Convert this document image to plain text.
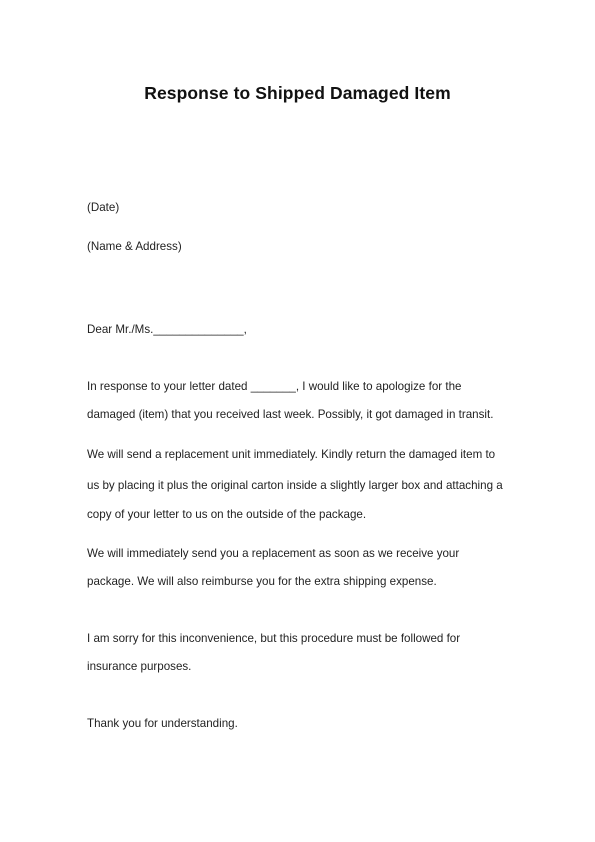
Response to Shipped Damaged Item
(Date)
(Name & Address)
Dear Mr./Ms.______________,
In response to your letter dated _______, I would like to apologize for the
damaged (item) that you received last week. Possibly, it got damaged in transit.
We will send a replacement unit immediately. Kindly return the damaged item to
us by placing it plus the original carton inside a slightly larger box and attaching a
copy of your letter to us on the outside of the package.
We will immediately send you a replacement as soon as we receive your
package. We will also reimburse you for the extra shipping expense.
I am sorry for this inconvenience, but this procedure must be followed for
insurance purposes.
Thank you for understanding.
